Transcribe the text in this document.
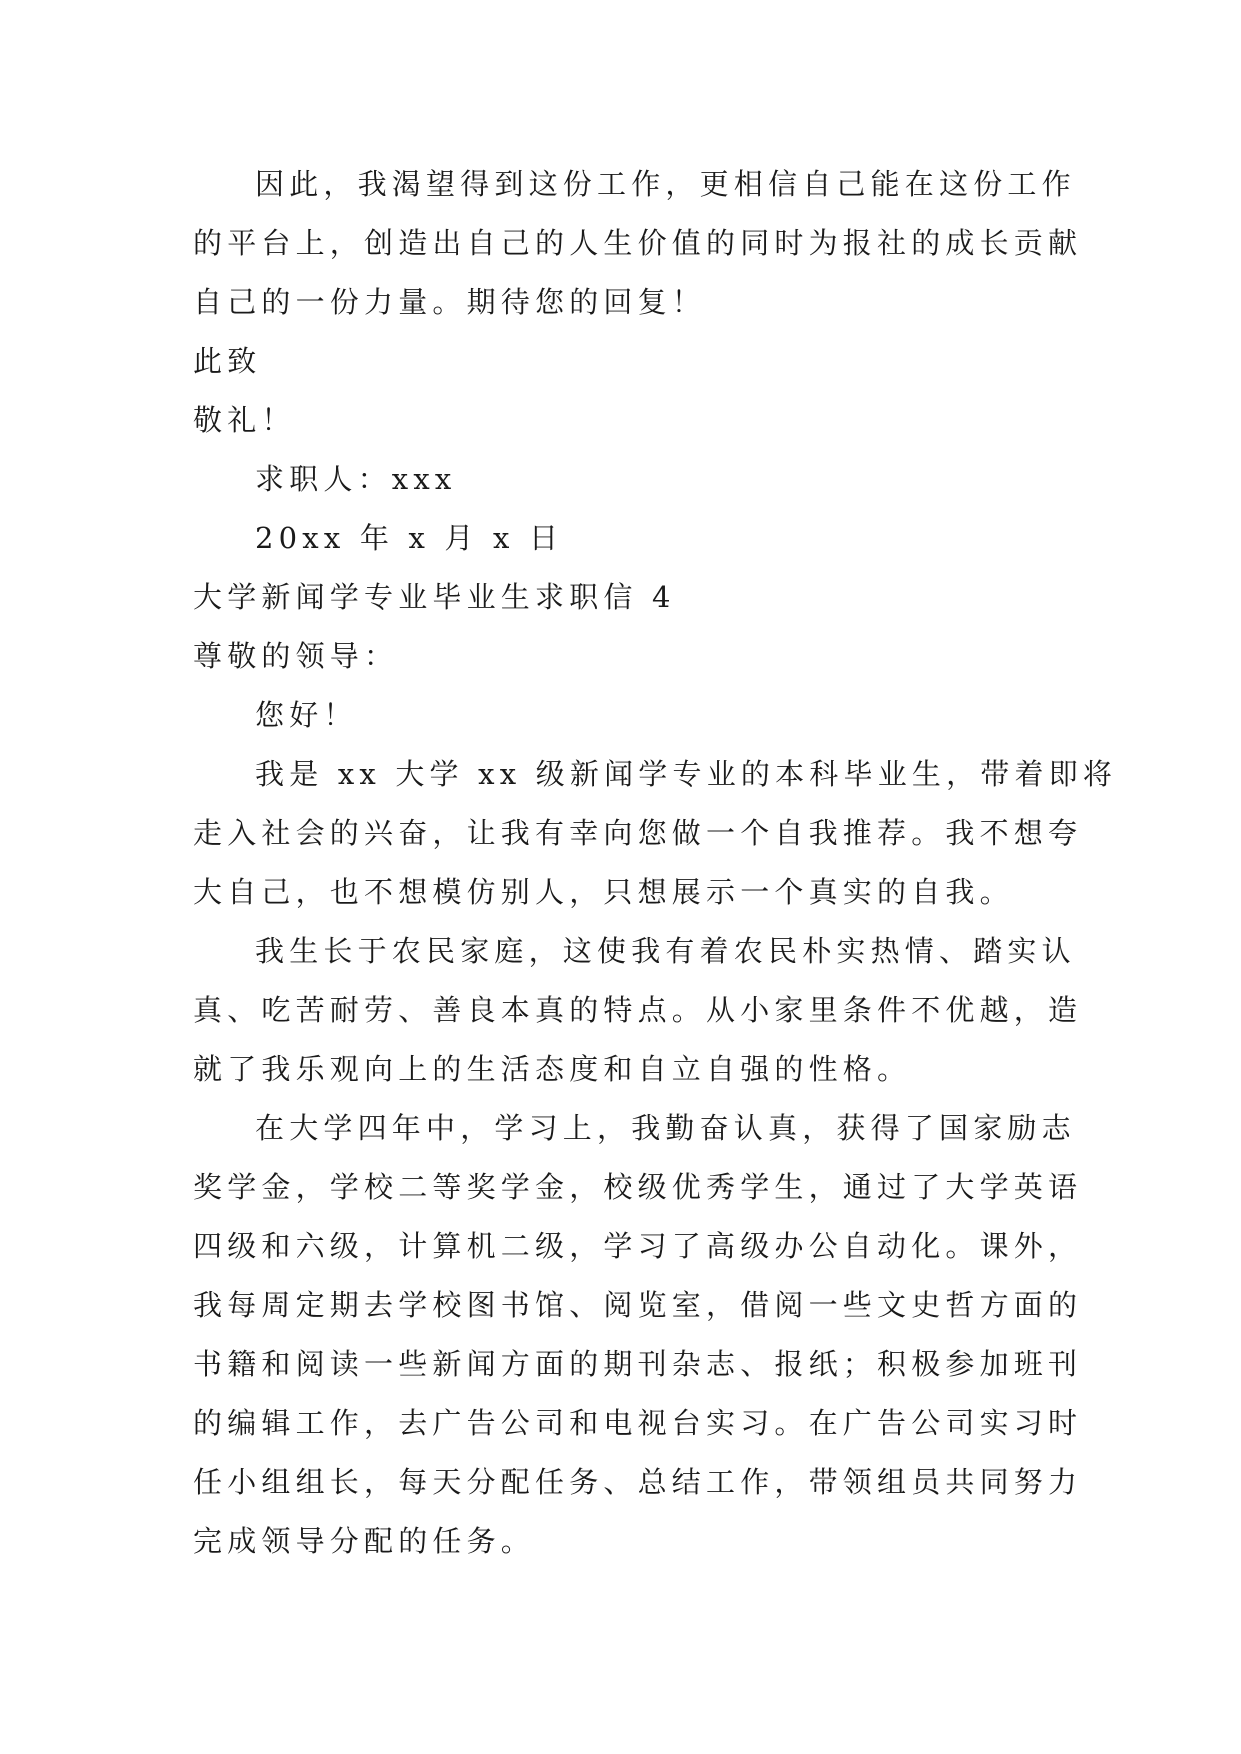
因此，我渴望得到这份工作，更相信自己能在这份工作
的平台上，创造出自己的人生价值的同时为报社的成长贡献
自己的一份力量。期待您的回复！
此致
敬礼！
求职人：xxx
20xx 年 x 月 x 日
大学新闻学专业毕业生求职信 4
尊敬的领导：
您好！
我是 xx 大学 xx 级新闻学专业的本科毕业生，带着即将
走入社会的兴奋，让我有幸向您做一个自我推荐。我不想夸
大自己，也不想模仿别人，只想展示一个真实的自我。
我生长于农民家庭，这使我有着农民朴实热情、踏实认
真、吃苦耐劳、善良本真的特点。从小家里条件不优越，造
就了我乐观向上的生活态度和自立自强的性格。
在大学四年中，学习上，我勤奋认真，获得了国家励志
奖学金，学校二等奖学金，校级优秀学生，通过了大学英语
四级和六级，计算机二级，学习了高级办公自动化。课外，
我每周定期去学校图书馆、阅览室，借阅一些文史哲方面的
书籍和阅读一些新闻方面的期刊杂志、报纸；积极参加班刊
的编辑工作，去广告公司和电视台实习。在广告公司实习时
任小组组长，每天分配任务、总结工作，带领组员共同努力
完成领导分配的任务。
